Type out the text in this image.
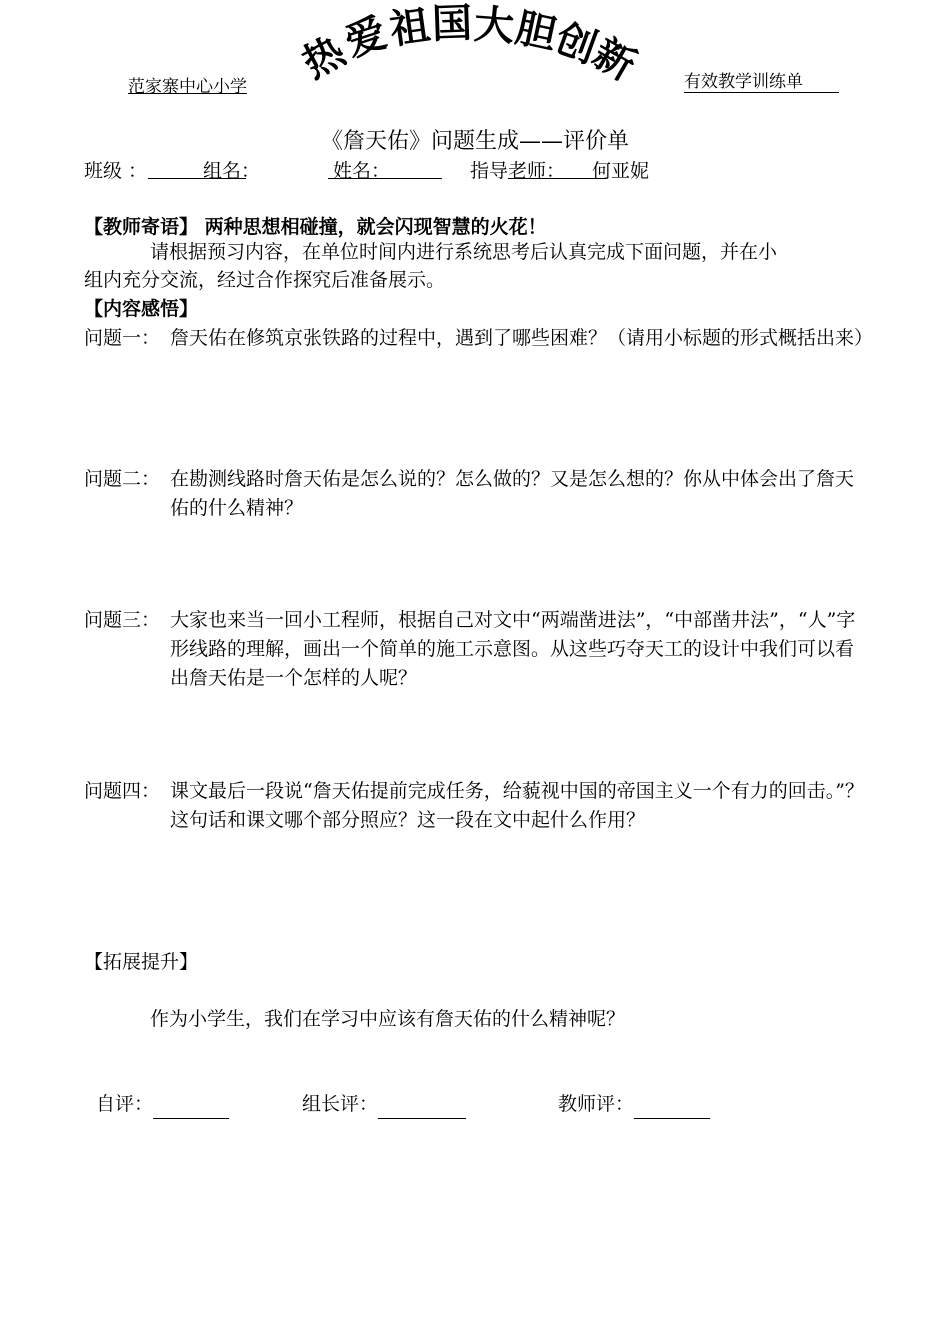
热
爱
祖
国 大
胆
创
新
范家寨中心小学	有效教学训练单
《詹天佑》问题生成——评价单
班级 ：	组名：	姓名：	指导老师： 何亚妮
【教师寄语】 两种思想相碰撞，就会闪现智慧的火花！
请根据预习内容，在单位时间内进行系统思考后认真完成下面问题，并在小
组内充分交流，经过合作探究后准备展示。
【内容感悟】
问题一： 詹天佑在修筑京张铁路的过程中，遇到了哪些困难？（请用小标题的形式概括出来）
问题二： 在勘测线路时詹天佑是怎么说的？怎么做的？又是怎么想的？你从中体会出了詹天佑的什么精神？
问题三： 大家也来当一回小工程师，根据自己对文中“两端凿进法”，“中部凿井法”，“人”字形线路的理解，画出一个简单的施工示意图。从这些巧夺天工的设计中我们可以看出詹天佑是一个怎样的人呢？
问题四： 课文最后一段说“詹天佑提前完成任务，给藐视中国的帝国主义一个有力的回击。”？这句话和课文哪个部分照应？这一段在文中起什么作用？
【拓展提升】
作为小学生，我们在学习中应该有詹天佑的什么精神呢？
自评：	组长评：	教师评：
